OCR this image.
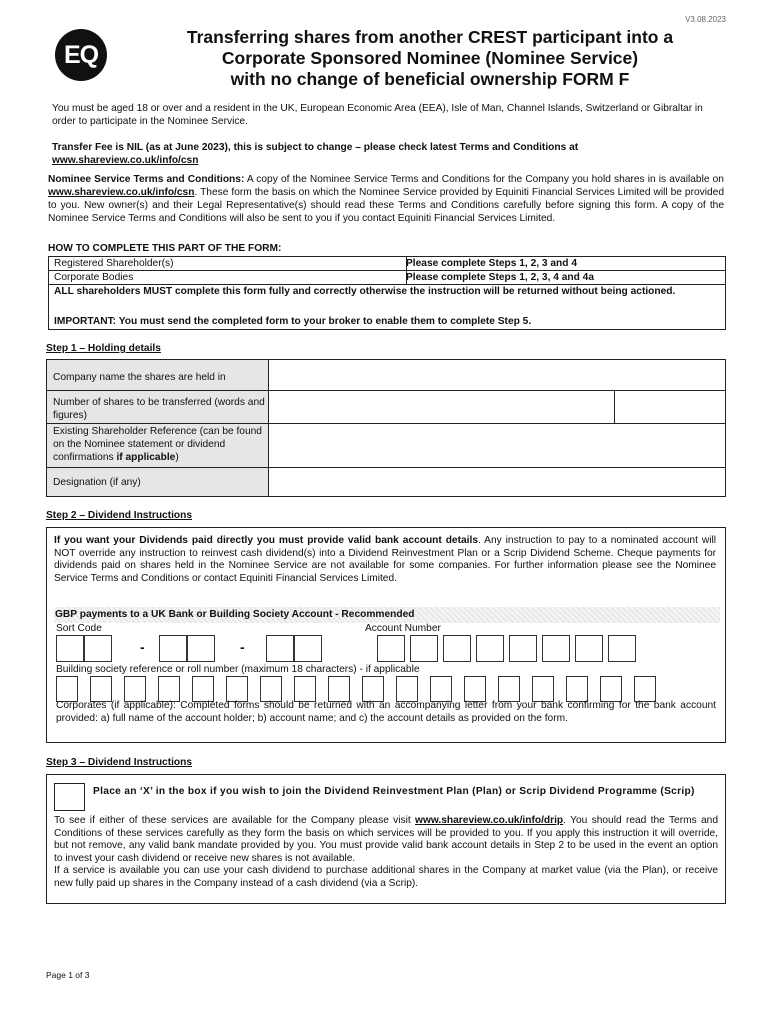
EQ
V3.08.2023
Transferring shares from another CREST participant into a
Corporate Sponsored Nominee (Nominee Service)
with no change of beneficial ownership FORM F
You must be aged 18 or over and a resident in the UK, European Economic Area (EEA), Isle of Man, Channel Islands, Switzerland or Gibraltar in order to participate in the Nominee Service.
Transfer Fee is NIL (as at June 2023), this is subject to change – please check latest Terms and Conditions at
www.shareview.co.uk/info/csn
Nominee Service Terms and Conditions: A copy of the Nominee Service Terms and Conditions for the Company you hold shares in is available on www.shareview.co.uk/info/csn. These form the basis on which the Nominee Service provided by Equiniti Financial Services Limited will be provided to you. New owner(s) and their Legal Representative(s) should read these Terms and Conditions carefully before signing this form. A copy of the Nominee Service Terms and Conditions will also be sent to you if you contact Equiniti Financial Services Limited.
HOW TO COMPLETE THIS PART OF THE FORM:
Registered Shareholder(s)	Please complete Steps 1, 2, 3 and 4
Corporate Bodies	Please complete Steps 1, 2, 3, 4 and 4a
ALL shareholders MUST complete this form fully and correctly otherwise the instruction will be returned without being actioned.
IMPORTANT: You must send the completed form to your broker to enable them to complete Step 5.
Step 1 – Holding details
Company name the shares are held in
Number of shares to be transferred (words and figures)
Existing Shareholder Reference (can be found on the Nominee statement or dividend confirmations if applicable)
Designation (if any)
Step 2 – Dividend Instructions
If you want your Dividends paid directly you must provide valid bank account details. Any instruction to pay to a nominated account will NOT override any instruction to reinvest cash dividend(s) into a Dividend Reinvestment Plan or a Scrip Dividend Scheme. Cheque payments for dividends paid on shares held in the Nominee Service are not available for some companies. For further information please see the Nominee Service Terms and Conditions or contact Equiniti Financial Services Limited.
GBP payments to a UK Bank or Building Society Account - Recommended
Sort Code	Account Number
-	-
Building society reference or roll number (maximum 18 characters) - if applicable
Corporates (if applicable): Completed forms should be returned with an accompanying letter from your bank confirming for the bank account provided: a) full name of the account holder; b) account name; and c) the account details as provided on the form.
Step 3 – Dividend Instructions
Place an ‘X’ in the box if you wish to join the Dividend Reinvestment Plan (Plan) or Scrip Dividend Programme (Scrip)
To see if either of these services are available for the Company please visit www.shareview.co.uk/info/drip. You should read the Terms and Conditions of these services carefully as they form the basis on which services will be provided to you. If you apply this instruction it will override, but not remove, any valid bank mandate provided by you. You must provide valid bank account details in Step 2 to be used in the event an option to invest your cash dividend or receive new shares is not available.
If a service is available you can use your cash dividend to purchase additional shares in the Company at market value (via the Plan), or receive new fully paid up shares in the Company instead of a cash dividend (via a Scrip).
Page 1 of 3
